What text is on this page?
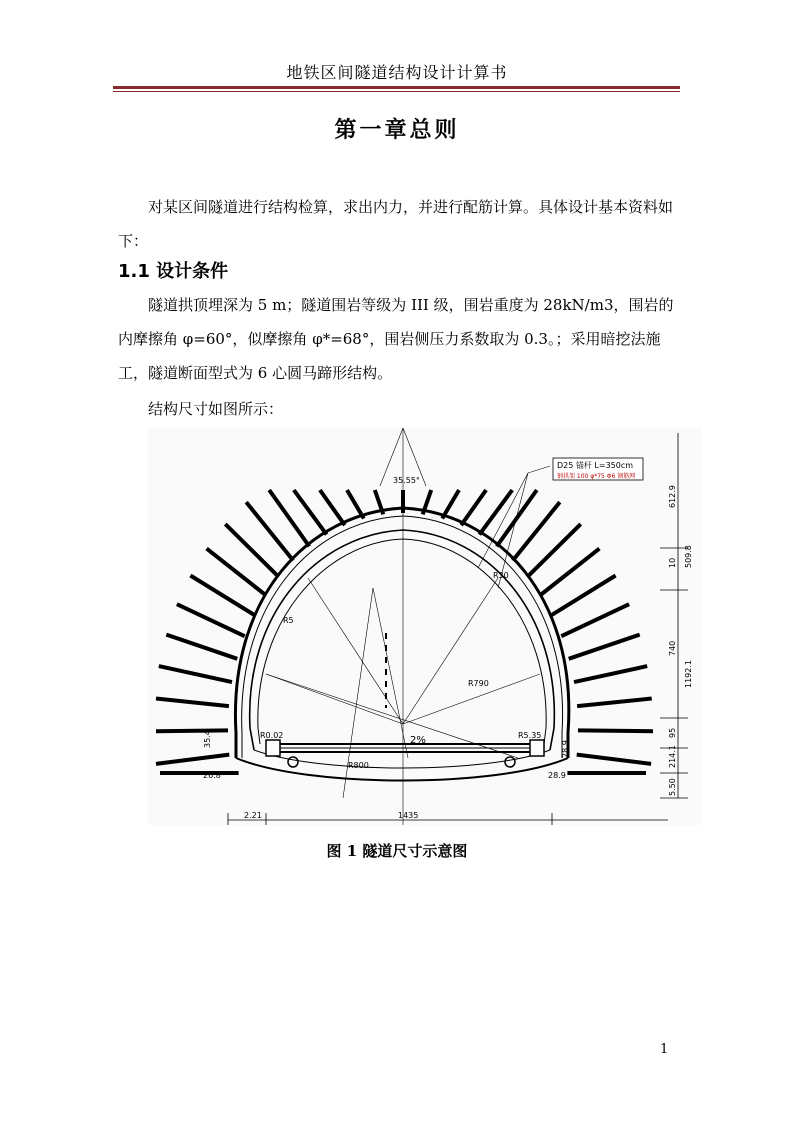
地铁区间隧道结构设计计算书
第一章总则

对某区间隧道进行结构检算，求出内力，并进行配筋计算。具体设计基本资料如下：

1.1 设计条件

隧道拱顶埋深为 5 m；隧道围岩等级为 III 级，围岩重度为 28kN/m3，围岩的内摩擦角 φ=60°，似摩擦角 φ*=68°，围岩侧压力系数取为 0.3。；采用暗挖法施工，隧道断面型式为 6 心圆马蹄形结构。

结构尺寸如图所示：

35.55°
D25 锚杆 L=350cm
钢拱架 100 φ*75 Φ6 钢筋网
R5
R790
R800
R30
2%
R0.02	R5.35
2.21	1435
26.8	28.9
35.4
28.9
612.9
10 509.8
740
1192.1
95
214.1
5.50
图 1 隧道尺寸示意图
1
